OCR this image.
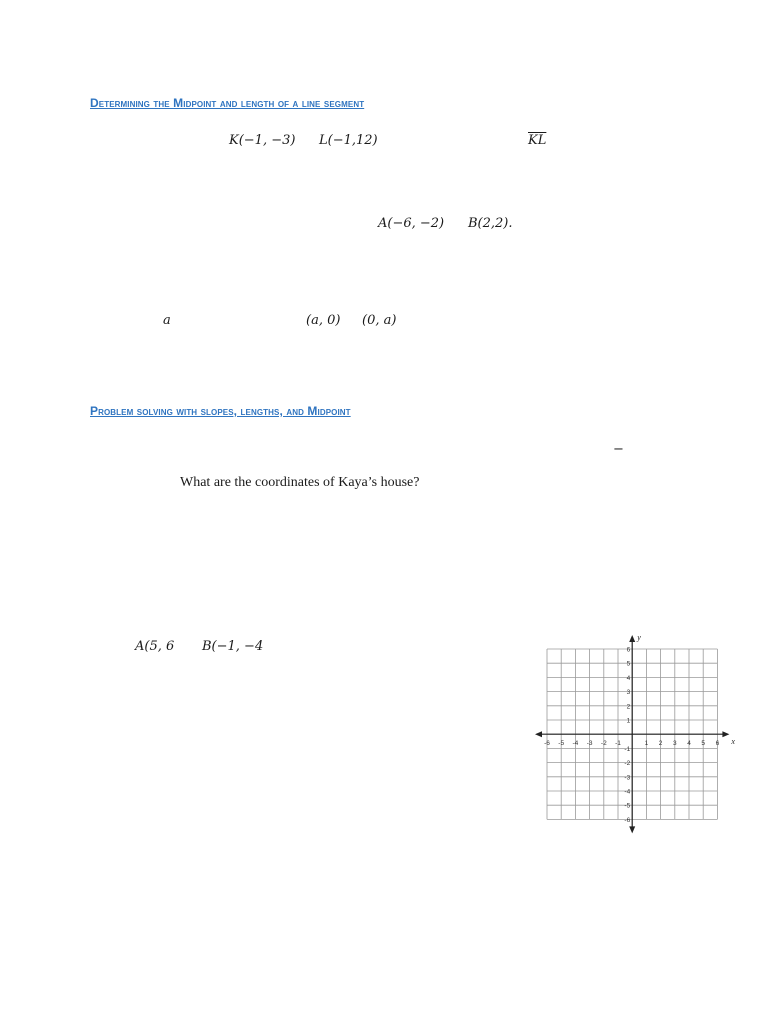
Determining the Midpoint and length of a line segment
K(−1, −3) L(−1,12)	$\overline{KL}$
A(−6, −2) B(2,2).
a	(a, 0) (0, a)
Problem solving with slopes, lengths, and Midpoint
−
What are the coordinates of Kaya’s house?
A(5, 6 B(−1, −4
-6 -5 -4 -3 -2 -1	1 2 3 4 5 6
6
5
4
3
2
1
-1
-2
-3
-4
-5
-6
x
y
